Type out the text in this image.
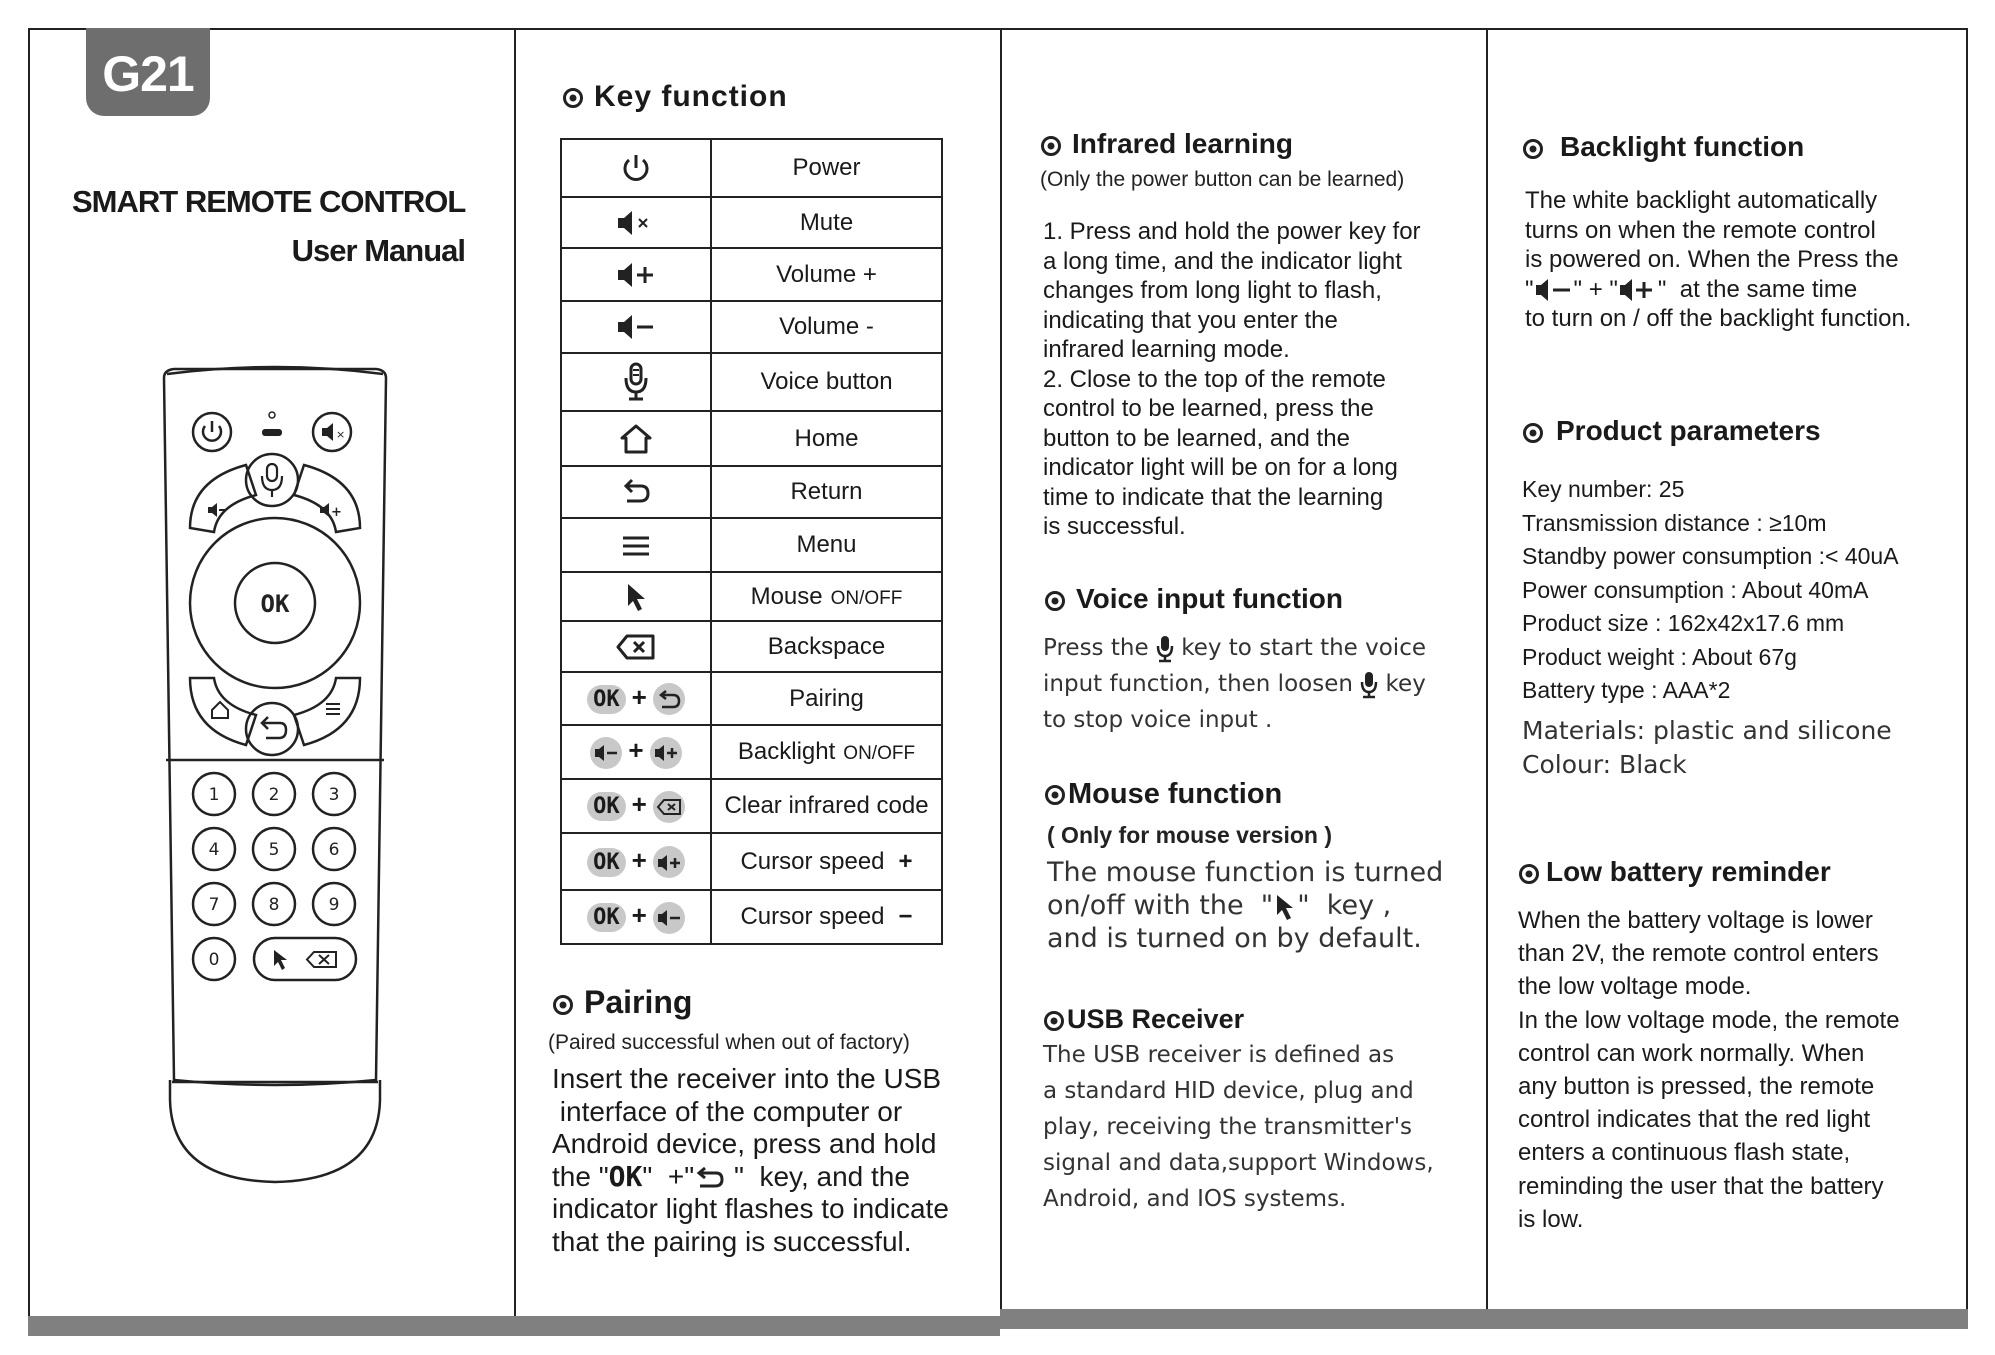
G21
SMART REMOTE CONTROL
User Manual
×
+
OK
1	2	3
4	5	6
7	8	9
0
Key function
	Power
	Mute
	Volume +
	Volume -
	Voice button
	Home
	Return
	Menu
	Mouse ON/OFF
	Backspace
OK +	Pairing
+	Backlight ON/OFF
OK +	Clear infrared code
OK +	Cursor speed +
OK +	Cursor speed −
Pairing
(Paired successful when out of factory)
Insert the receiver into the USB
interface of the computer or
Android device, press and hold
the "OK"  +" "  key, and the
indicator light flashes to indicate
that the pairing is successful.
Infrared learning
(Only the power button can be learned)
1. Press and hold the power key for
a long time, and the indicator light
changes from long light to flash,
indicating that you enter the
infrared learning mode.
2. Close to the top of the remote
control to be learned, press the
button to be learned, and the
indicator light will be on for a long
time to indicate that the learning
is successful.
Voice input function
Press the  key to start the voice
input function, then loosen  key
to stop voice input .
Mouse function
( Only for mouse version )
The mouse function is turned
on/off with the  " "  key ,
and is turned on by default.
USB Receiver
The USB receiver is defined as
a standard HID device, plug and
play, receiving the transmitter's
signal and data,support Windows,
Android, and IOS systems.
Backlight function
The white backlight automatically
turns on when the remote control
is powered on. When the Press the
" " + " "  at the same time
to turn on / off the backlight function.
Product parameters
Key number: 25
Transmission distance : ≥10m
Standby power consumption :< 40uA
Power consumption : About 40mA
Product size : 162x42x17.6 mm
Product weight : About 67g
Battery type : AAA*2
Materials: plastic and silicone
Colour: Black
Low battery reminder
When the battery voltage is lower
than 2V, the remote control enters
the low voltage mode.
In the low voltage mode, the remote
control can work normally. When
any button is pressed, the remote
control indicates that the red light
enters a continuous flash state,
reminding the user that the battery
is low.
